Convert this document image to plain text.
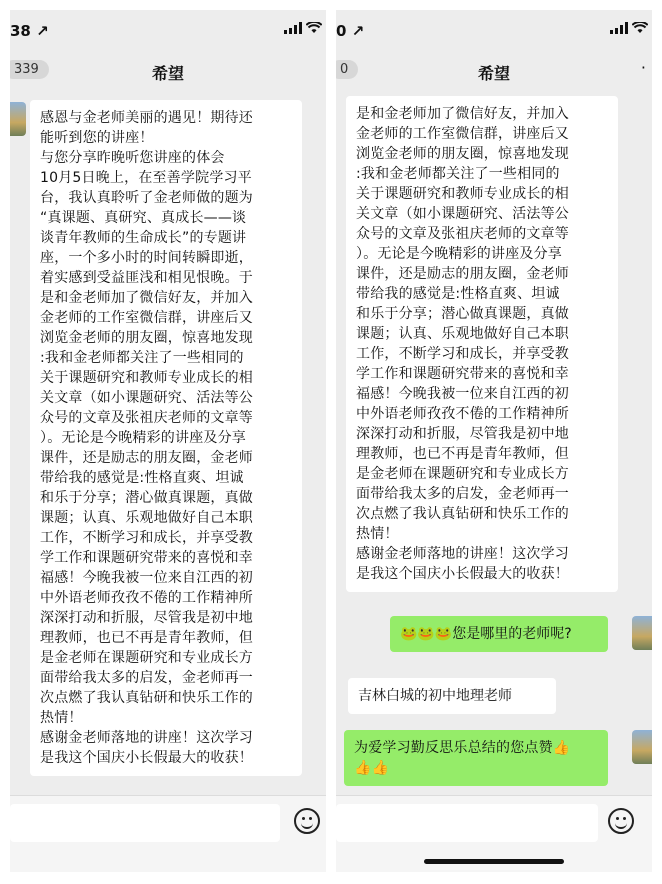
38 ↗
339	希望
感恩与金老师美丽的遇见！期待还
能听到您的讲座！
与您分享昨晚听您讲座的体会
10月5日晚上，在至善学院学习平
台，我认真聆听了金老师做的题为
“真课题、真研究、真成长——谈
谈青年教师的生命成长”的专题讲
座，一个多小时的时间转瞬即逝，
着实感到受益匪浅和相见恨晚。于
是和金老师加了微信好友，并加入
金老师的工作室微信群，讲座后又
浏览金老师的朋友圈，惊喜地发现
:我和金老师都关注了一些相同的
关于课题研究和教师专业成长的相
关文章（如小课题研究、活法等公
众号的文章及张祖庆老师的文章等
）。无论是今晚精彩的讲座及分享
课件，还是励志的朋友圈，金老师
带给我的感觉是:性格直爽、坦诚
和乐于分享；潜心做真课题，真做
课题；认真、乐观地做好自己本职
工作，不断学习和成长，并享受教
学工作和课题研究带来的喜悦和幸
福感！今晚我被一位来自江西的初
中外语老师孜孜不倦的工作精神所
深深打动和折服，尽管我是初中地
理教师，也已不再是青年教师，但
是金老师在课题研究和专业成长方
面带给我太多的启发，金老师再一
次点燃了我认真钻研和快乐工作的
热情！
感谢金老师落地的讲座！这次学习
是我这个国庆小长假最大的收获！
0 ↗
0	希望	·
是和金老师加了微信好友，并加入
金老师的工作室微信群，讲座后又
浏览金老师的朋友圈，惊喜地发现
:我和金老师都关注了一些相同的
关于课题研究和教师专业成长的相
关文章（如小课题研究、活法等公
众号的文章及张祖庆老师的文章等
）。无论是今晚精彩的讲座及分享
课件，还是励志的朋友圈，金老师
带给我的感觉是:性格直爽、坦诚
和乐于分享；潜心做真课题，真做
课题；认真、乐观地做好自己本职
工作，不断学习和成长，并享受教
学工作和课题研究带来的喜悦和幸
福感！今晚我被一位来自江西的初
中外语老师孜孜不倦的工作精神所
深深打动和折服，尽管我是初中地
理教师，也已不再是青年教师，但
是金老师在课题研究和专业成长方
面带给我太多的启发，金老师再一
次点燃了我认真钻研和快乐工作的
热情！
感谢金老师落地的讲座！这次学习
是我这个国庆小长假最大的收获！
🐸🐸🐸您是哪里的老师呢?
吉林白城的初中地理老师
为爱学习勤反思乐总结的您点赞👍
👍👍
